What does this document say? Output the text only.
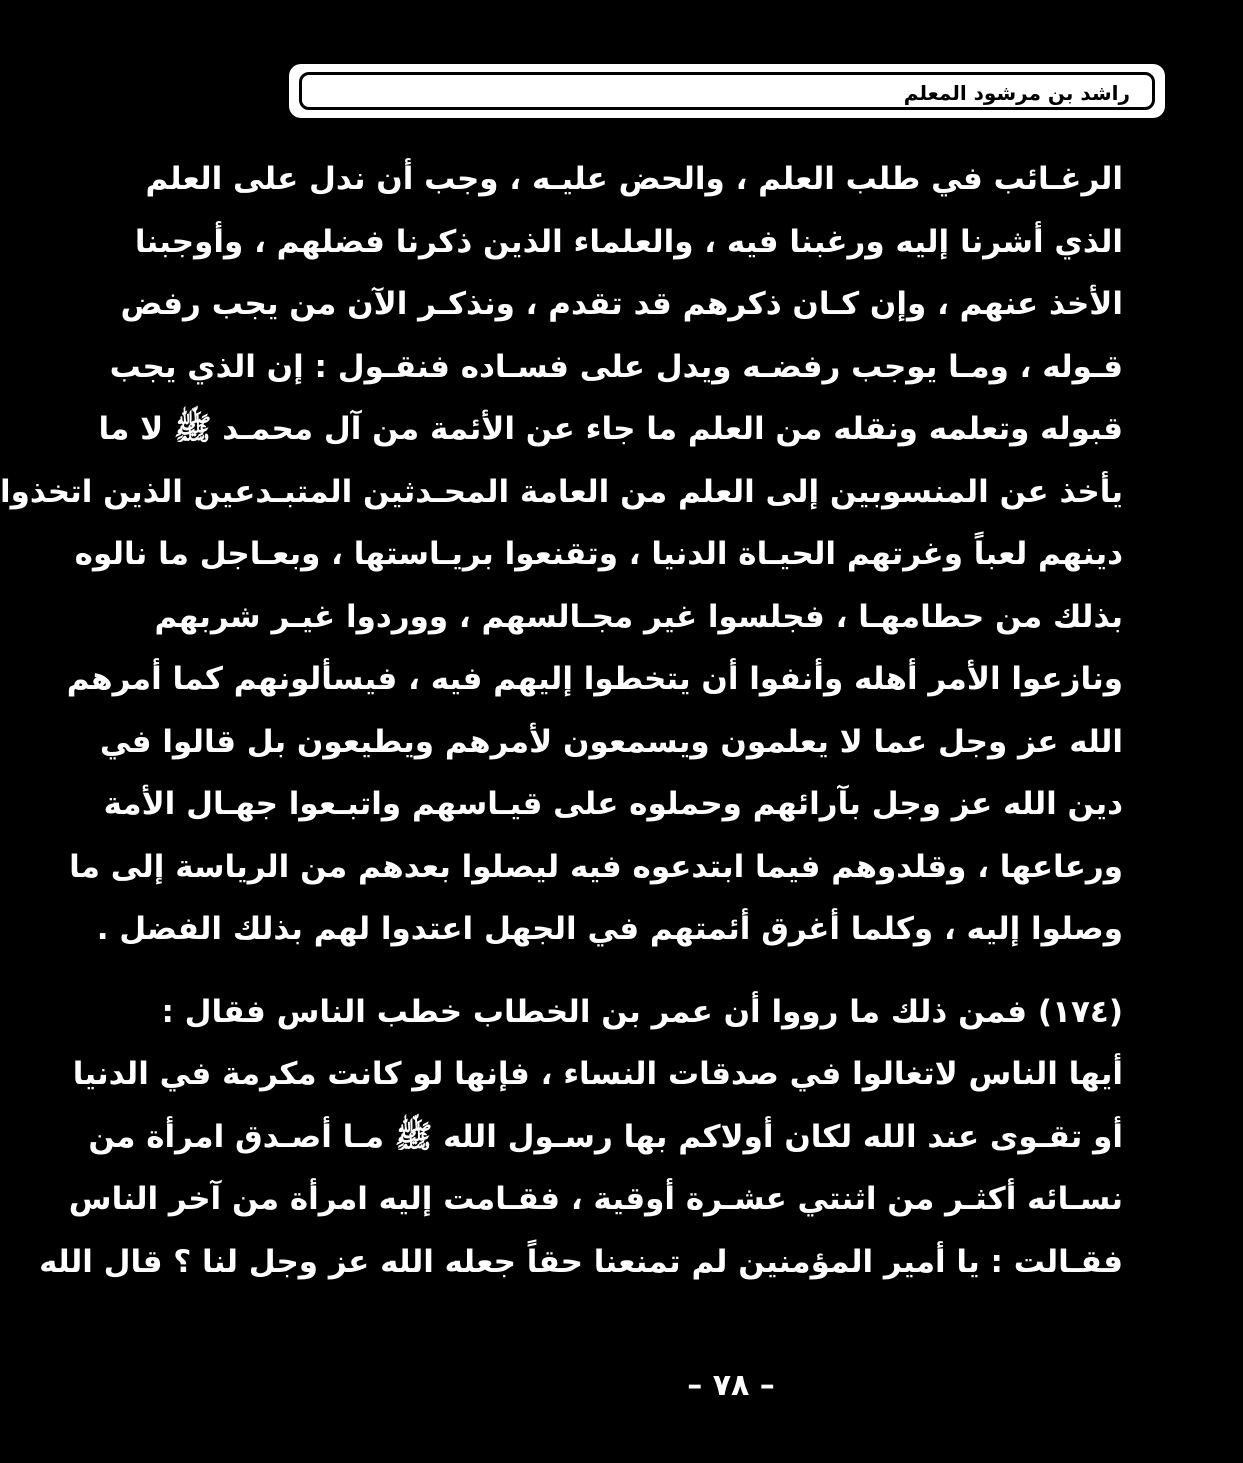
راشد بن مرشود المعلم
الرغـائب في طلب العلم ، والحض عليـه ، وجب أن ندل على العلم
الذي أشرنا إليه ورغبنا فيه ، والعلماء الذين ذكرنا فضلهم ، وأوجبنا
الأخذ عنهم ، وإن كـان ذكرهم قد تقدم ، ونذكـر الآن من يجب رفض
قـوله ، ومـا يوجب رفضـه ويدل على فسـاده فنقـول : إن الذي يجب
قبوله وتعلمه ونقله من العلم ما جاء عن الأئمة من آل محمـد ﷺ لا ما
يأخذ عن المنسوبين إلى العلم من العامة المحـدثين المتبـدعين الذين اتخذوا
دينهم لعباً وغرتهم الحيـاة الدنيا ، وتقنعوا بريـاستها ، وبعـاجل ما نالوه
بذلك من حطامهـا ، فجلسوا غير مجـالسهم ، ووردوا غيـر شربهم
ونازعوا الأمر أهله وأنفوا أن يتخطوا إليهم فيه ، فيسألونهم كما أمرهم
الله عز وجل عما لا يعلمون ويسمعون لأمرهم ويطيعون بل قالوا في
دين الله عز وجل بآرائهم وحملوه على قيـاسهم واتبـعوا جهـال الأمة
ورعاعها ، وقلدوهم فيما ابتدعوه فيه ليصلوا بعدهم من الرياسة إلى ما
وصلوا إليه ، وكلما أغرق أئمتهم في الجهل اعتدوا لهم بذلك الفضل .
(١٧٤) فمن ذلك ما رووا أن عمر بن الخطاب خطب الناس فقال :
أيها الناس لاتغالوا في صدقات النساء ، فإنها لو كانت مكرمة في الدنيا
أو تقـوى عند الله لكان أولاكم بها رسـول الله ﷺ مـا أصـدق امرأة من
نسـائه أكثـر من اثنتي عشـرة أوقية ، فقـامت إليه امرأة من آخر الناس
فقـالت : يا أمير المؤمنين لم تمنعنا حقاً جعله الله عز وجل لنا ؟ قال الله
– ٧٨ –
